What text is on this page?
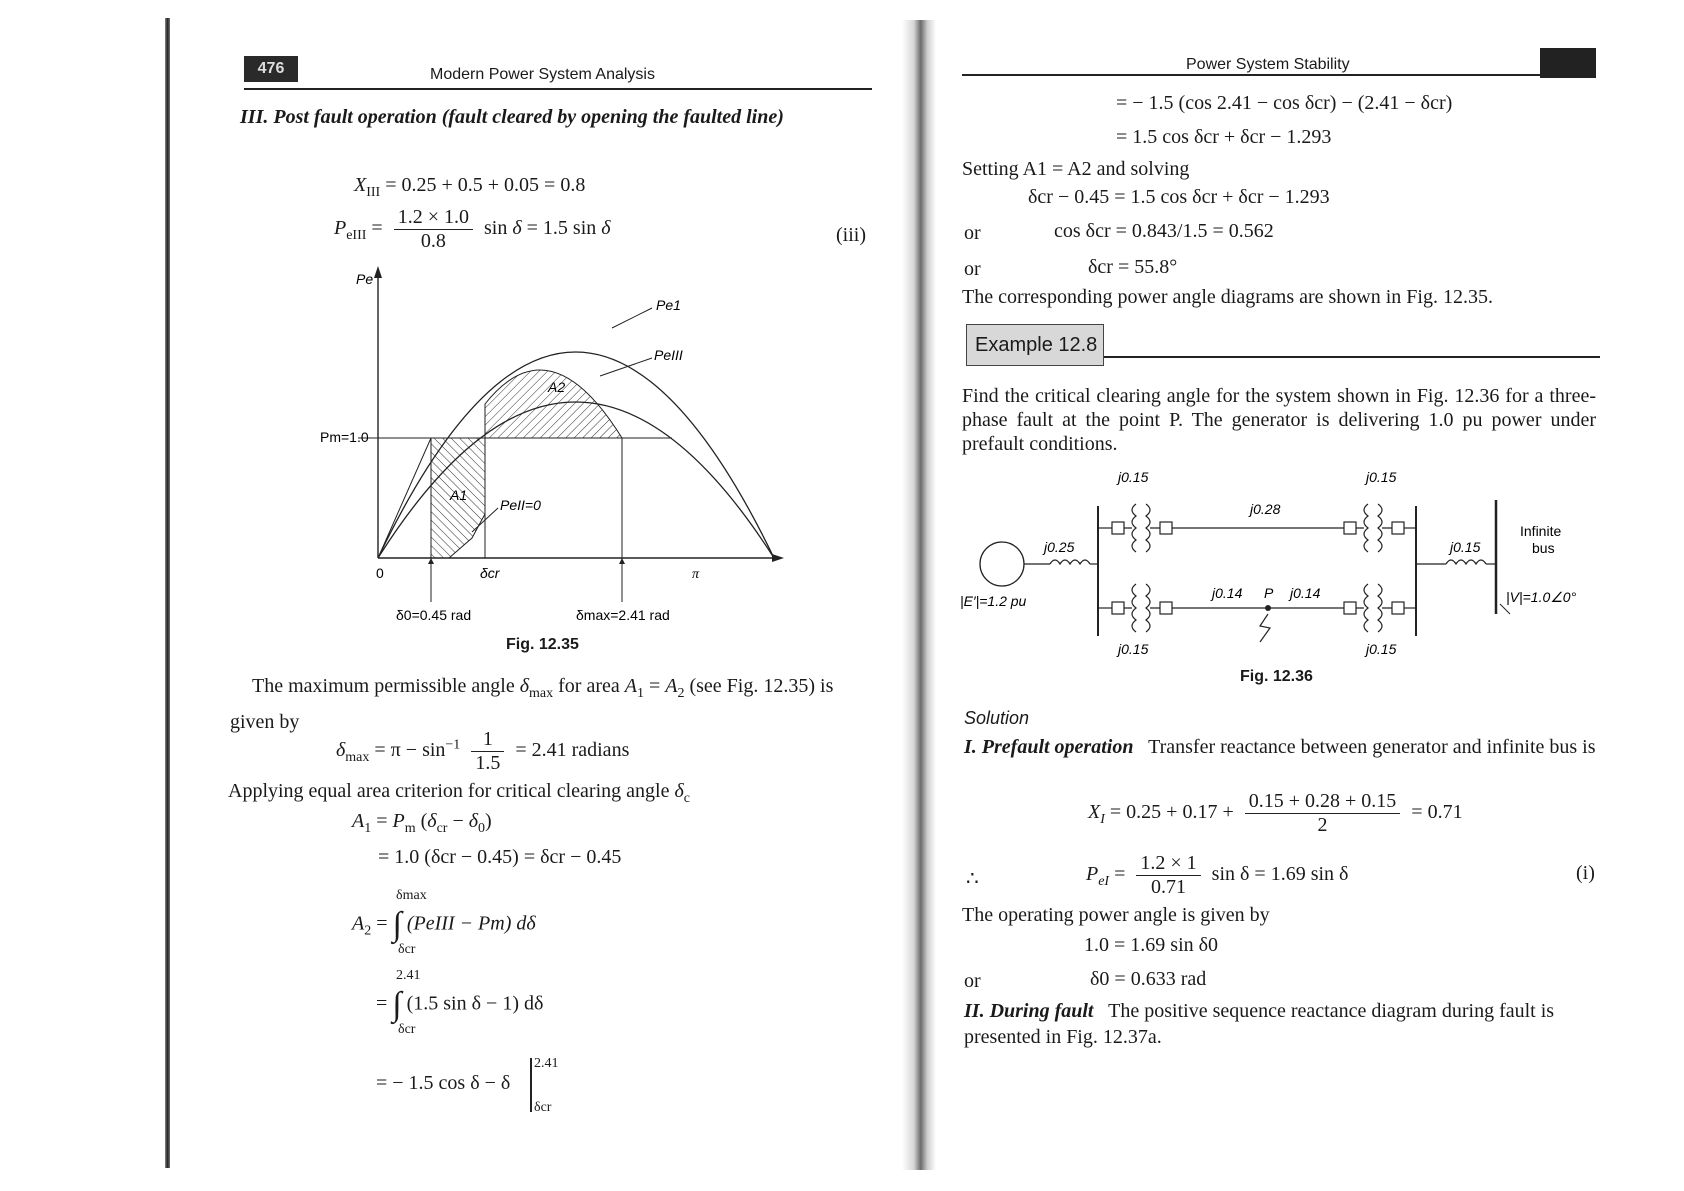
476	Modern Power System Analysis
III. Post fault operation (fault cleared by opening the faulted line)
$X_{III} = 0.25 + 0.5 + 0.05 = 0.8$
$P_{eIII} = \frac{1.2 \times 1.0}{0.8}$ sin δ = 1.5 sin δ	(iii)
Pe
Pe1
PeIII
Pm=1.0
A2
A1
PeII=0
0	δcr	π
δ0=0.45 rad	δmax=2.41 rad
Fig. 12.35
The maximum permissible angle $\delta_{max}$ for area $A_1 = A_2$ (see Fig. 12.35) is given by
$\delta_{max} = \pi - \sin^{-1} \frac{1}{1.5} = 2.41$ radians
Applying equal area criterion for critical clearing angle $\delta_c$
$A_1 = P_m$ $(\delta_{cr} - \delta_0)$
= 1.0 (δcr − 0.45) = δcr − 0.45
δmax
$A_2$ = ∫ (PeIII − Pm) dδ
δcr
2.41
= ∫ (1.5 sin δ − 1) dδ
δcr
= − 1.5 cos δ − δ
2.41
δcr
Power System Stability
= − 1.5 (cos 2.41 − cos δcr) − (2.41 − δcr)
= 1.5 cos δcr + δcr − 1.293
Setting A1 = A2 and solving
δcr − 0.45 = 1.5 cos δcr + δcr − 1.293
or	cos δcr = 0.843/1.5 = 0.562
or	δcr = 55.8°
The corresponding power angle diagrams are shown in Fig. 12.35.
Example 12.8
Find the critical clearing angle for the system shown in Fig. 12.36 for a three-phase fault at the point P. The generator is delivering 1.0 pu power under prefault conditions.
j0.15	j0.15
j0.28
j0.25	j0.15
Infinite bus
j0.14 P j0.14
|E′|=1.2 pu	|V|=1.0∠0°
j0.15	j0.15
Fig. 12.36
Solution
I. Prefault operation Transfer reactance between generator and infinite bus is
$X_I = 0.25 + 0.17 + \frac{0.15 + 0.28 + 0.15}{2} = 0.71$
∴	$P_{eI} = \frac{1.2 \times 1}{0.71}$ sin δ = 1.69 sin δ	(i)
The operating power angle is given by
1.0 = 1.69 sin δ0
or	δ0 = 0.633 rad
II. During fault The positive sequence reactance diagram during fault is presented in Fig. 12.37a.
